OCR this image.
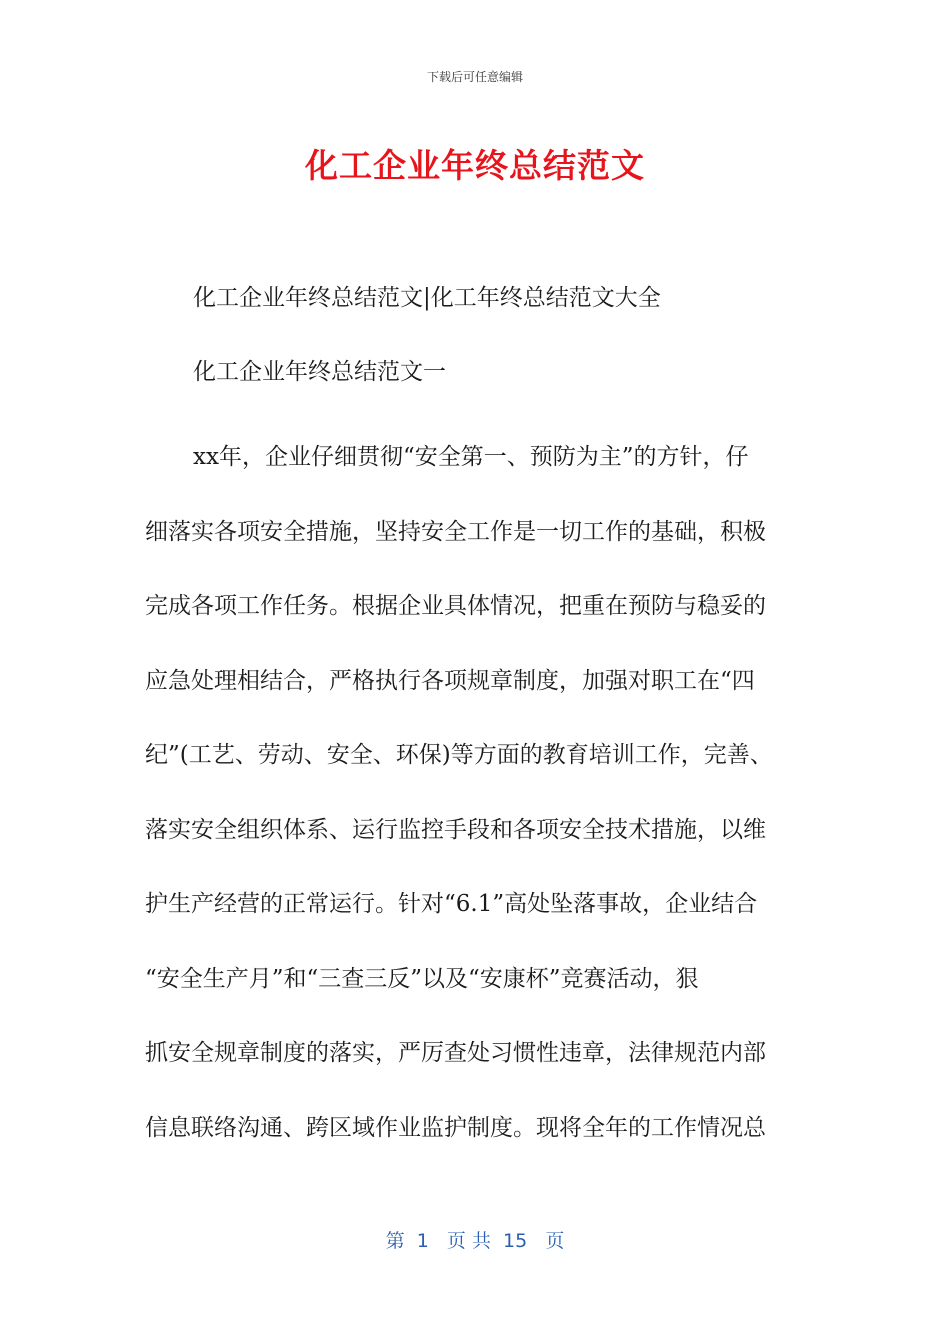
下载后可任意编辑
化工企业年终总结范文
化工企业年终总结范文|化工年终总结范文大全
化工企业年终总结范文一
xx年，企业仔细贯彻“安全第一、预防为主”的方针，仔
细落实各项安全措施，坚持安全工作是一切工作的基础，积极
完成各项工作任务。根据企业具体情况，把重在预防与稳妥的
应急处理相结合，严格执行各项规章制度，加强对职工在“四
纪”(工艺、劳动、安全、环保)等方面的教育培训工作，完善、
落实安全组织体系、运行监控手段和各项安全技术措施，以维
护生产经营的正常运行。针对“6.1”高处坠落事故，企业结合
“安全生产月”和“三查三反”以及“安康杯”竞赛活动，狠
抓安全规章制度的落实，严厉查处习惯性违章，法律规范内部
信息联络沟通、跨区域作业监护制度。现将全年的工作情况总
第  1   页 共  15   页
